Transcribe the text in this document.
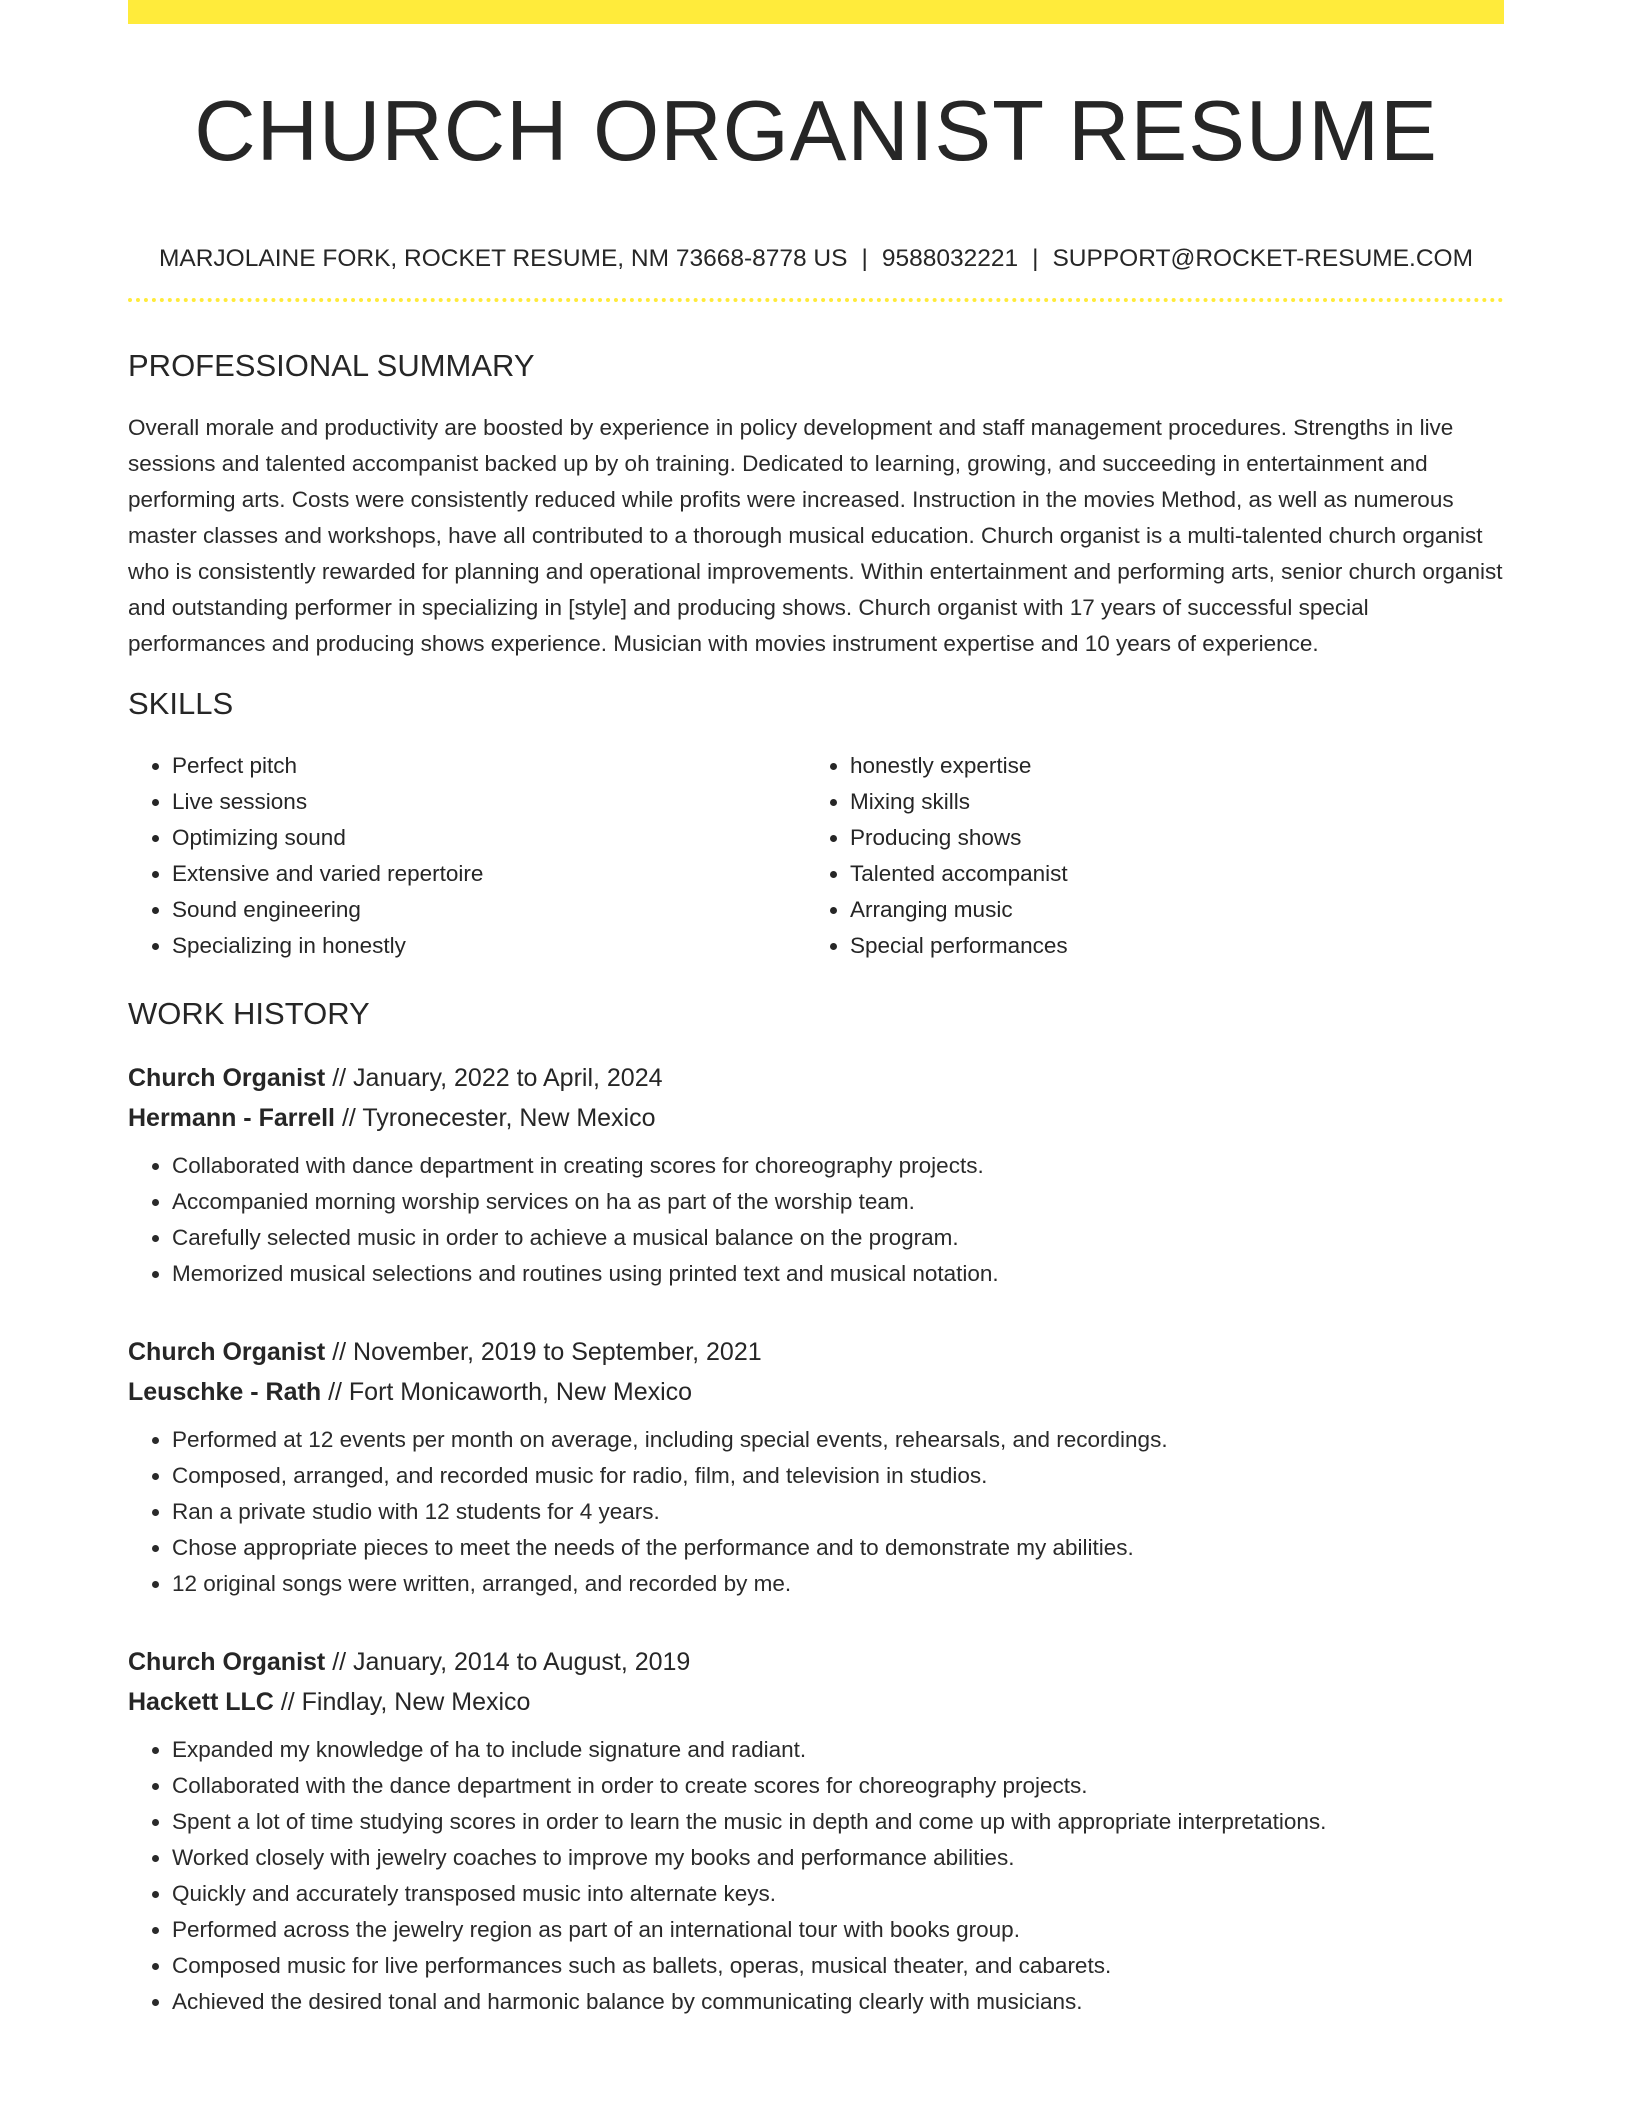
CHURCH ORGANIST RESUME
MARJOLAINE FORK, ROCKET RESUME, NM 73668-8778 US | 9588032221 | SUPPORT@ROCKET-RESUME.COM
PROFESSIONAL SUMMARY
Overall morale and productivity are boosted by experience in policy development and staff management procedures. Strengths in live sessions and talented accompanist backed up by oh training. Dedicated to learning, growing, and succeeding in entertainment and performing arts. Costs were consistently reduced while profits were increased. Instruction in the movies Method, as well as numerous master classes and workshops, have all contributed to a thorough musical education. Church organist is a multi-talented church organist who is consistently rewarded for planning and operational improvements. Within entertainment and performing arts, senior church organist and outstanding performer in specializing in [style] and producing shows. Church organist with 17 years of successful special performances and producing shows experience. Musician with movies instrument expertise and 10 years of experience.
SKILLS
• Perfect pitch
• Live sessions
• Optimizing sound
• Extensive and varied repertoire
• Sound engineering
• Specializing in honestly
• honestly expertise
• Mixing skills
• Producing shows
• Talented accompanist
• Arranging music
• Special performances
WORK HISTORY
Church Organist // January, 2022 to April, 2024
Hermann - Farrell // Tyronecester, New Mexico
• Collaborated with dance department in creating scores for choreography projects.
• Accompanied morning worship services on ha as part of the worship team.
• Carefully selected music in order to achieve a musical balance on the program.
• Memorized musical selections and routines using printed text and musical notation.
Church Organist // November, 2019 to September, 2021
Leuschke - Rath // Fort Monicaworth, New Mexico
• Performed at 12 events per month on average, including special events, rehearsals, and recordings.
• Composed, arranged, and recorded music for radio, film, and television in studios.
• Ran a private studio with 12 students for 4 years.
• Chose appropriate pieces to meet the needs of the performance and to demonstrate my abilities.
• 12 original songs were written, arranged, and recorded by me.
Church Organist // January, 2014 to August, 2019
Hackett LLC // Findlay, New Mexico
• Expanded my knowledge of ha to include signature and radiant.
• Collaborated with the dance department in order to create scores for choreography projects.
• Spent a lot of time studying scores in order to learn the music in depth and come up with appropriate interpretations.
• Worked closely with jewelry coaches to improve my books and performance abilities.
• Quickly and accurately transposed music into alternate keys.
• Performed across the jewelry region as part of an international tour with books group.
• Composed music for live performances such as ballets, operas, musical theater, and cabarets.
• Achieved the desired tonal and harmonic balance by communicating clearly with musicians.
